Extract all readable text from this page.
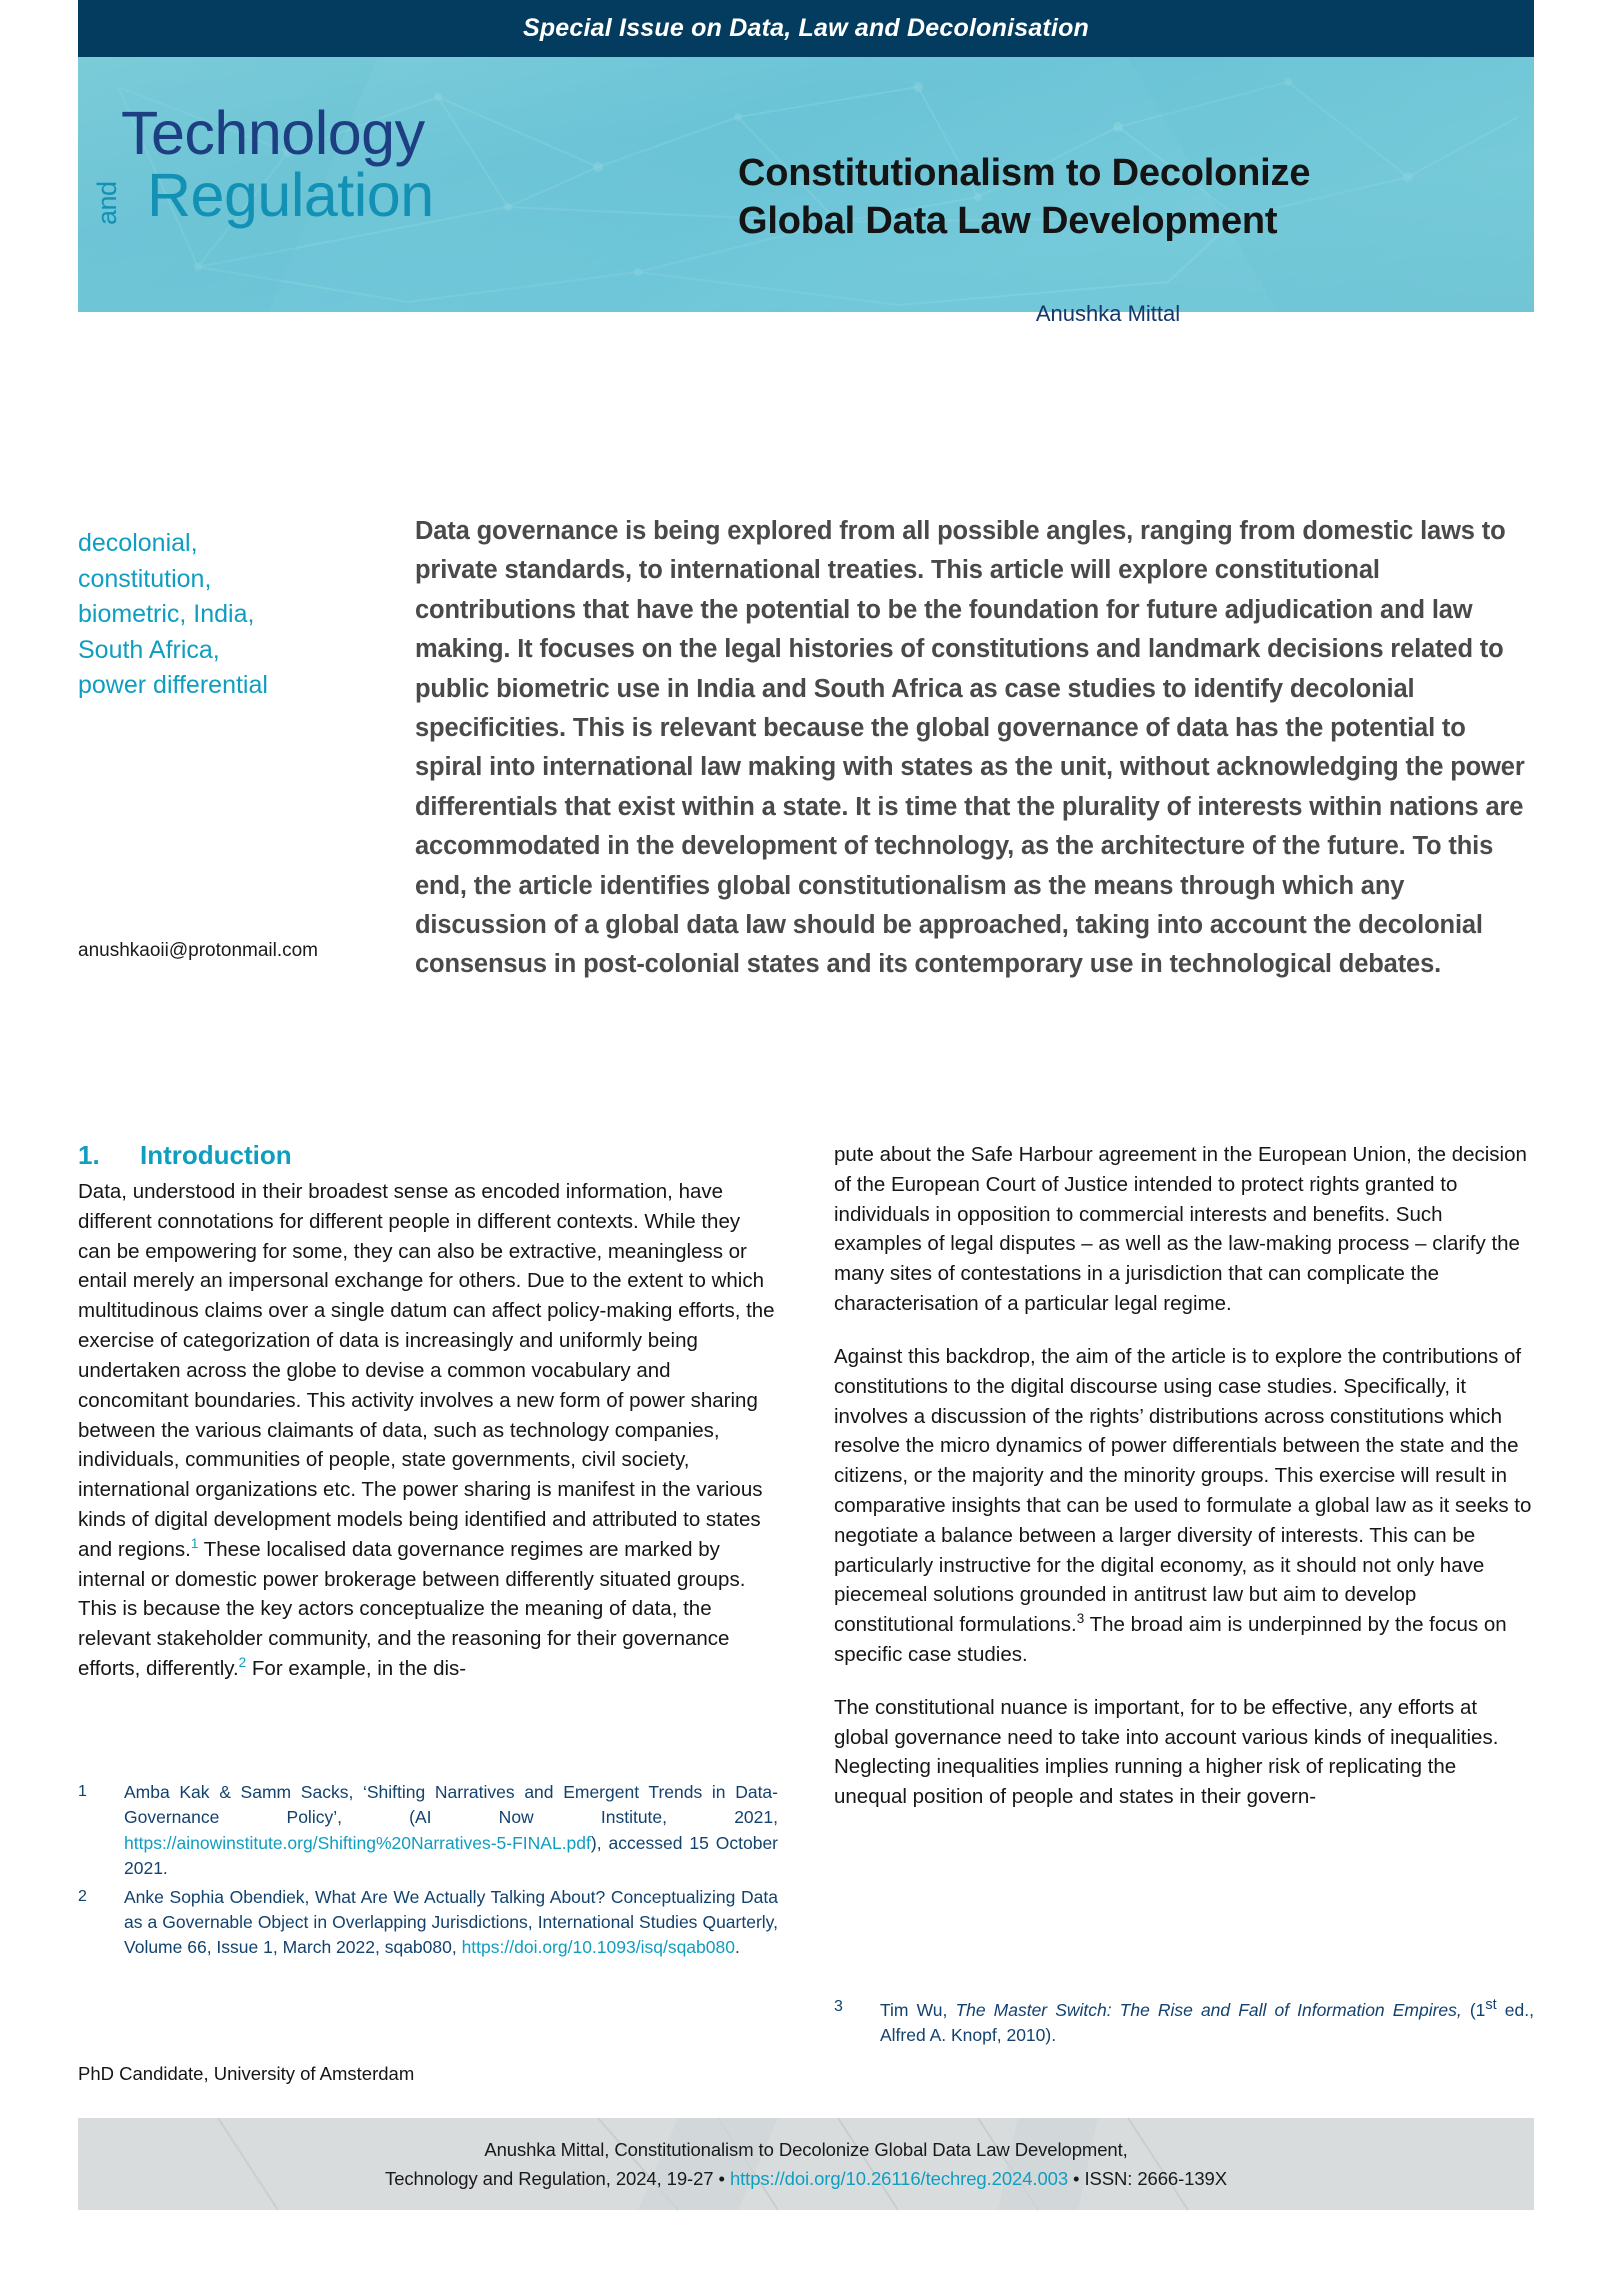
Special Issue on Data, Law and Decolonisation
Technology
and Regulation	Constitutionalism to Decolonize
Global Data Law Development
Anushka Mittal
decolonial,
constitution,
biometric, India,
South Africa,
power differential
anushkaoii@protonmail.com
Data governance is being explored from all possible angles, ranging from domestic laws to private standards, to international treaties. This article will explore constitutional contributions that have the potential to be the foundation for future adjudication and law making. It focuses on the legal histories of constitutions and landmark decisions related to public biometric use in India and South Africa as case studies to identify decolonial specificities. This is relevant because the global governance of data has the potential to spiral into international law making with states as the unit, without acknowledging the power differentials that exist within a state. It is time that the plurality of interests within nations are accommodated in the development of technology, as the architecture of the future. To this end, the article identifies global constitutionalism as the means through which any discussion of a global data law should be approached, taking into account the decolonial consensus in post-colonial states and its contemporary use in technological debates.
1.	Introduction

Data, understood in their broadest sense as encoded information, have different connotations for different people in different contexts. While they can be empowering for some, they can also be extractive, meaningless or entail merely an impersonal exchange for others. Due to the extent to which multitudinous claims over a single datum can affect policy-making efforts, the exercise of categorization of data is increasingly and uniformly being undertaken across the globe to devise a common vocabulary and concomitant boundaries. This activity involves a new form of power sharing between the various claimants of data, such as technology companies, individuals, communities of people, state governments, civil society, international organizations etc. The power sharing is manifest in the various kinds of digital development models being identified and attributed to states and regions.$^1$ These localised data governance regimes are marked by internal or domestic power brokerage between differently situated groups. This is because the key actors conceptualize the meaning of data, the relevant stakeholder community, and the reasoning for their governance efforts, differently.$^2$ For example, in the dis-

pute about the Safe Harbour agreement in the European Union, the decision of the European Court of Justice intended to protect rights granted to individuals in opposition to commercial interests and benefits. Such examples of legal disputes – as well as the law-making process – clarify the many sites of contestations in a jurisdiction that can complicate the characterisation of a particular legal regime.

Against this backdrop, the aim of the article is to explore the contributions of constitutions to the digital discourse using case studies. Specifically, it involves a discussion of the rights’ distributions across constitutions which resolve the micro dynamics of power differentials between the state and the citizens, or the majority and the minority groups. This exercise will result in comparative insights that can be used to formulate a global law as it seeks to negotiate a balance between a larger diversity of interests. This can be particularly instructive for the digital economy, as it should not only have piecemeal solutions grounded in antitrust law but aim to develop constitutional formulations.$^3$ The broad aim is underpinned by the focus on specific case studies.

The constitutional nuance is important, for to be effective, any efforts at global governance need to take into account various kinds of inequalities. Neglecting inequalities implies running a higher risk of replicating the unequal position of people and states in their govern-

1	Amba Kak & Samm Sacks, ‘Shifting Narratives and Emergent Trends in Data-Governance Policy’, (AI Now Institute, 2021, https://ainowinstitute.org/Shifting%20Narratives-5-FINAL.pdf), accessed 15 October 2021.
2	Anke Sophia Obendiek, What Are We Actually Talking About? Conceptualizing Data as a Governable Object in Overlapping Jurisdictions, International Studies Quarterly, Volume 66, Issue 1, March 2022, sqab080, https://doi.org/10.1093/isq/sqab080.
PhD Candidate, University of Amsterdam
3	Tim Wu, The Master Switch: The Rise and Fall of Information Empires, (1st ed., Alfred A. Knopf, 2010).
Anushka Mittal, Constitutionalism to Decolonize Global Data Law Development,
Technology and Regulation, 2024, 19-27 • https://doi.org/10.26116/techreg.2024.003 • ISSN: 2666-139X
